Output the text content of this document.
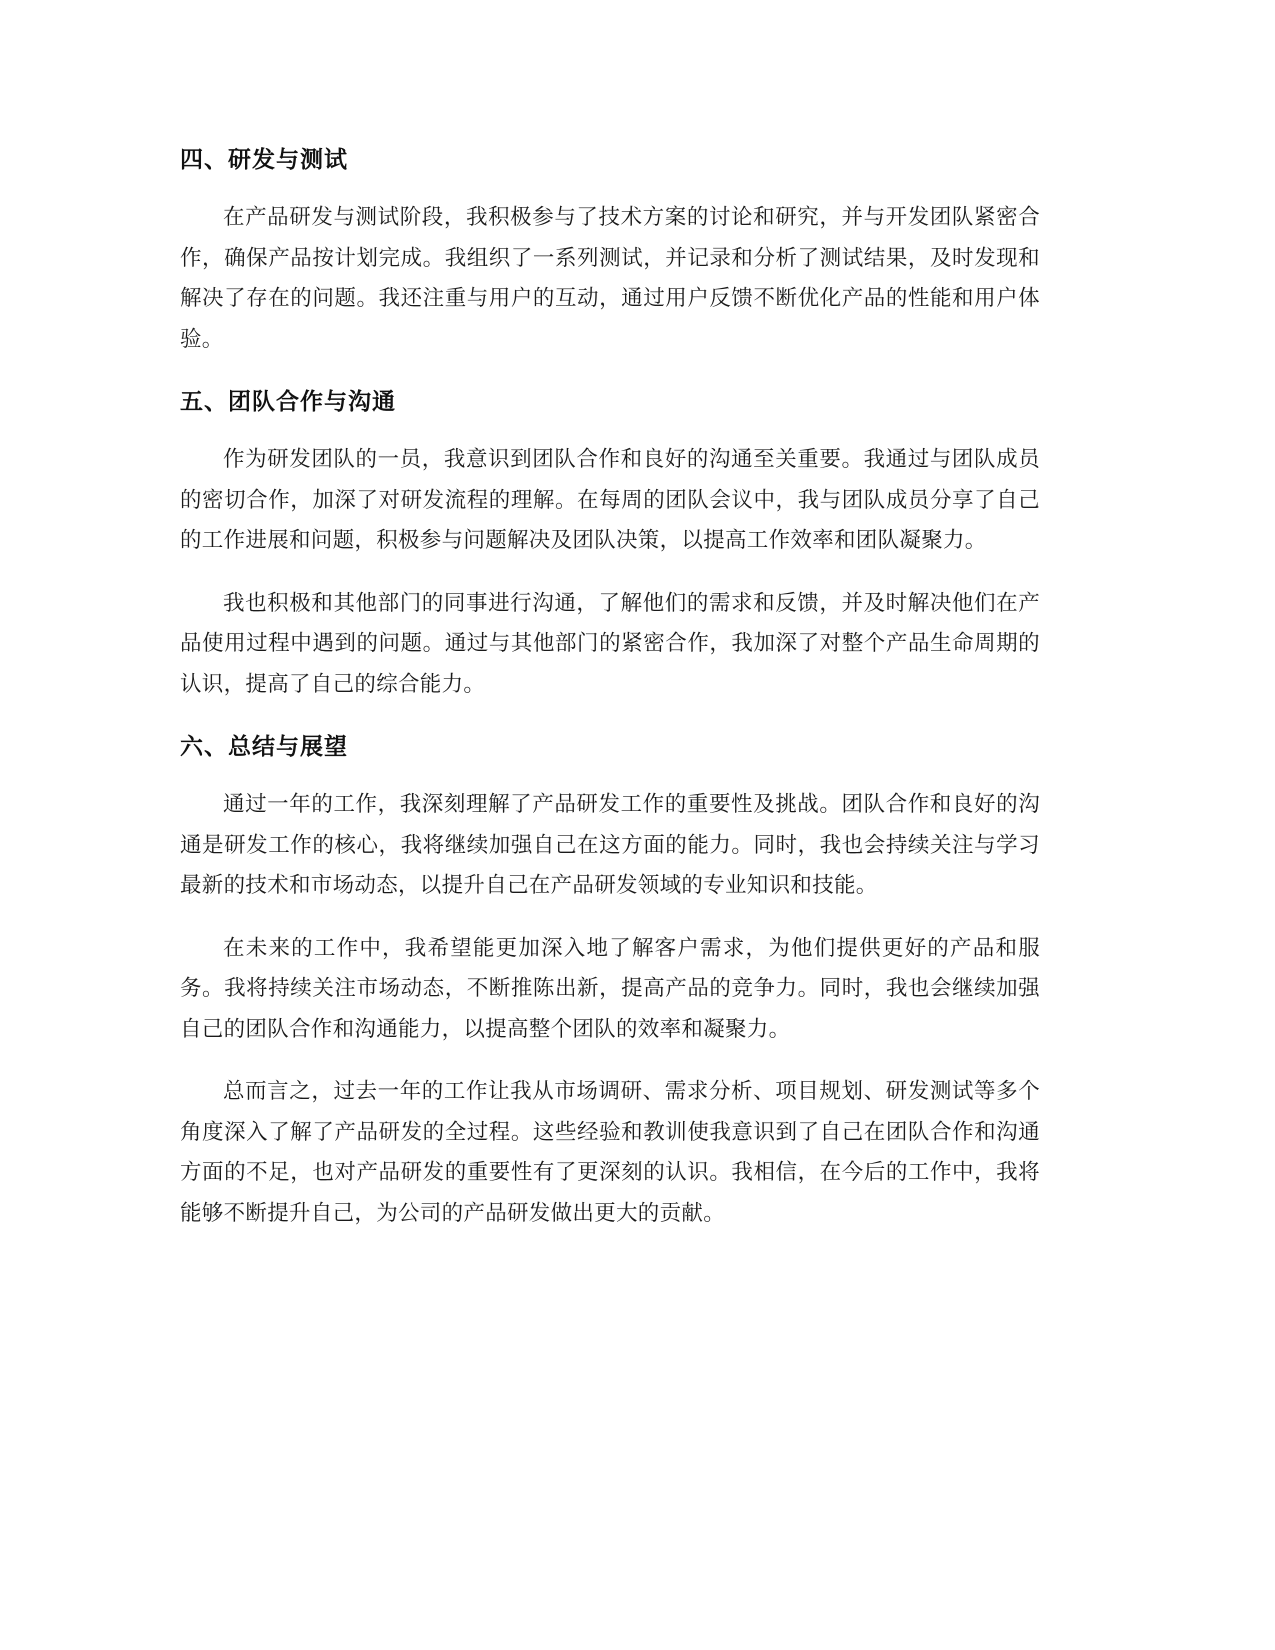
四、研发与测试

在产品研发与测试阶段，我积极参与了技术方案的讨论和研究，并与开发团队紧密合作，确保产品按计划完成。我组织了一系列测试，并记录和分析了测试结果，及时发现和解决了存在的问题。我还注重与用户的互动，通过用户反馈不断优化产品的性能和用户体验。

五、团队合作与沟通

作为研发团队的一员，我意识到团队合作和良好的沟通至关重要。我通过与团队成员的密切合作，加深了对研发流程的理解。在每周的团队会议中，我与团队成员分享了自己的工作进展和问题，积极参与问题解决及团队决策，以提高工作效率和团队凝聚力。

我也积极和其他部门的同事进行沟通，了解他们的需求和反馈，并及时解决他们在产品使用过程中遇到的问题。通过与其他部门的紧密合作，我加深了对整个产品生命周期的认识，提高了自己的综合能力。

六、总结与展望

通过一年的工作，我深刻理解了产品研发工作的重要性及挑战。团队合作和良好的沟通是研发工作的核心，我将继续加强自己在这方面的能力。同时，我也会持续关注与学习最新的技术和市场动态，以提升自己在产品研发领域的专业知识和技能。

在未来的工作中，我希望能更加深入地了解客户需求，为他们提供更好的产品和服务。我将持续关注市场动态，不断推陈出新，提高产品的竞争力。同时，我也会继续加强自己的团队合作和沟通能力，以提高整个团队的效率和凝聚力。

总而言之，过去一年的工作让我从市场调研、需求分析、项目规划、研发测试等多个角度深入了解了产品研发的全过程。这些经验和教训使我意识到了自己在团队合作和沟通方面的不足，也对产品研发的重要性有了更深刻的认识。我相信，在今后的工作中，我将能够不断提升自己，为公司的产品研发做出更大的贡献。
